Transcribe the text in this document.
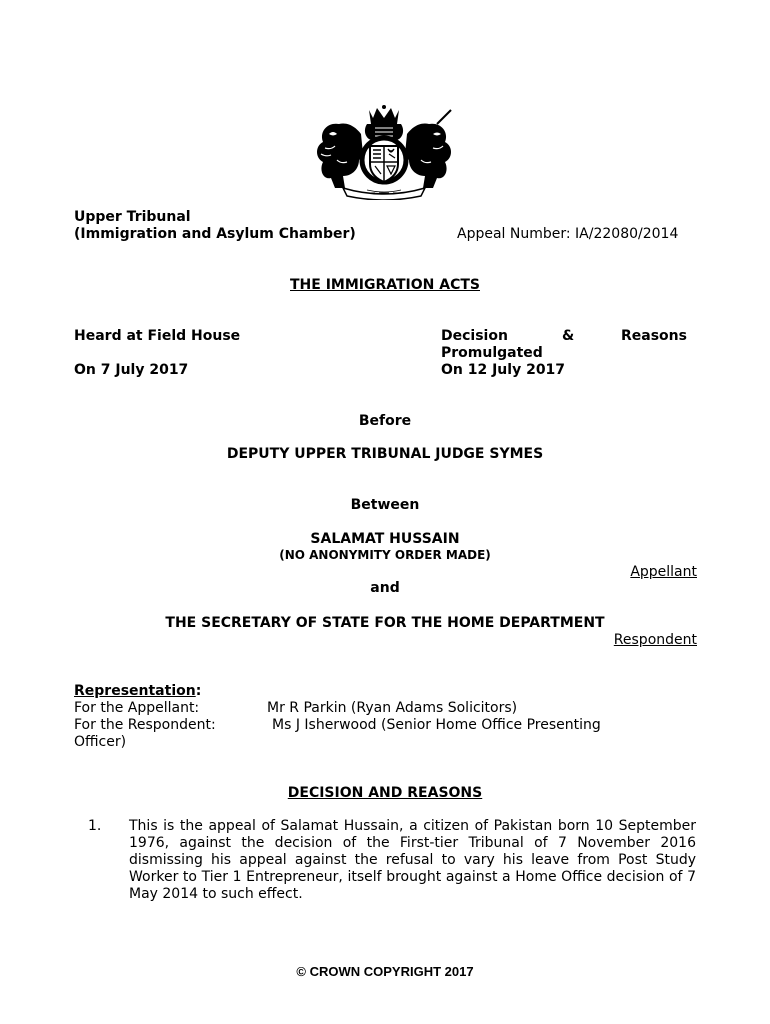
Upper Tribunal
(Immigration and Asylum Chamber)	Appeal Number: IA/22080/2014
THE IMMIGRATION ACTS
Heard at Field House
On 7 July 2017
Decision	&	Reasons
Promulgated
On 12 July 2017
Before
DEPUTY UPPER TRIBUNAL JUDGE SYMES
Between
SALAMAT HUSSAIN
(NO ANONYMITY ORDER MADE)
Appellant
and
THE SECRETARY OF STATE FOR THE HOME DEPARTMENT
Respondent
Representation:
For the Appellant:	Mr R Parkin (Ryan Adams Solicitors)
For the Respondent:	Ms J Isherwood (Senior Home Office Presenting
Officer)
DECISION AND REASONS
1. This is the appeal of Salamat Hussain, a citizen of Pakistan born 10 September 1976, against the decision of the First-tier Tribunal of 7 November 2016 dismissing his appeal against the refusal to vary his leave from Post Study Worker to Tier 1 Entrepreneur, itself brought against a Home Office decision of 7 May 2014 to such effect.
© CROWN COPYRIGHT 2017
